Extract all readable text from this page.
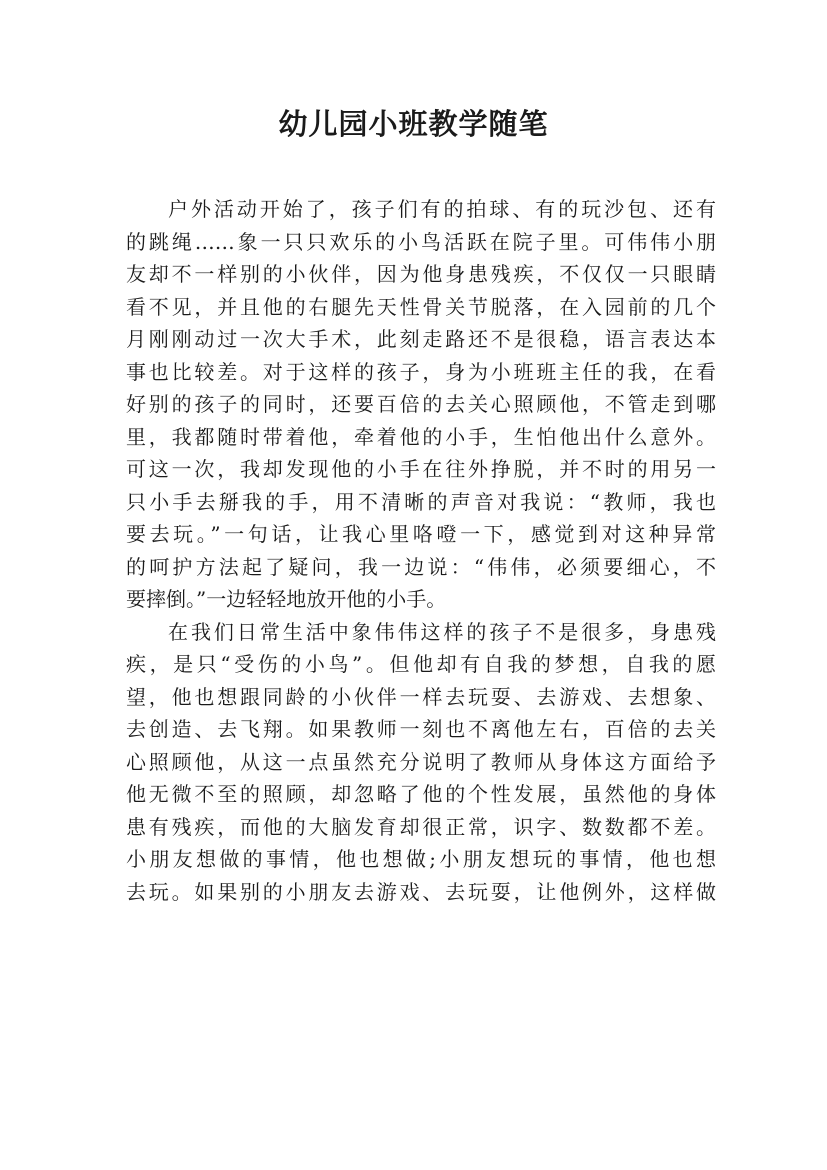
幼儿园小班教学随笔
户外活动开始了，孩子们有的拍球、有的玩沙包、还有
的跳绳……象一只只欢乐的小鸟活跃在院子里。可伟伟小朋
友却不一样别的小伙伴，因为他身患残疾，不仅仅一只眼睛
看不见，并且他的右腿先天性骨关节脱落，在入园前的几个
月刚刚动过一次大手术，此刻走路还不是很稳，语言表达本
事也比较差。对于这样的孩子，身为小班班主任的我，在看
好别的孩子的同时，还要百倍的去关心照顾他，不管走到哪
里，我都随时带着他，牵着他的小手，生怕他出什么意外。
可这一次，我却发现他的小手在往外挣脱，并不时的用另一
只小手去掰我的手，用不清晰的声音对我说：“教师，我也
要去玩。”一句话，让我心里咯噔一下，感觉到对这种异常
的呵护方法起了疑问，我一边说：“伟伟，必须要细心，不
要摔倒。”一边轻轻地放开他的小手。
在我们日常生活中象伟伟这样的孩子不是很多，身患残
疾，是只“受伤的小鸟”。但他却有自我的梦想，自我的愿
望，他也想跟同龄的小伙伴一样去玩耍、去游戏、去想象、
去创造、去飞翔。如果教师一刻也不离他左右，百倍的去关
心照顾他，从这一点虽然充分说明了教师从身体这方面给予
他无微不至的照顾，却忽略了他的个性发展，虽然他的身体
患有残疾，而他的大脑发育却很正常，识字、数数都不差。
小朋友想做的事情，他也想做;小朋友想玩的事情，他也想
去玩。如果别的小朋友去游戏、去玩耍，让他例外，这样做
